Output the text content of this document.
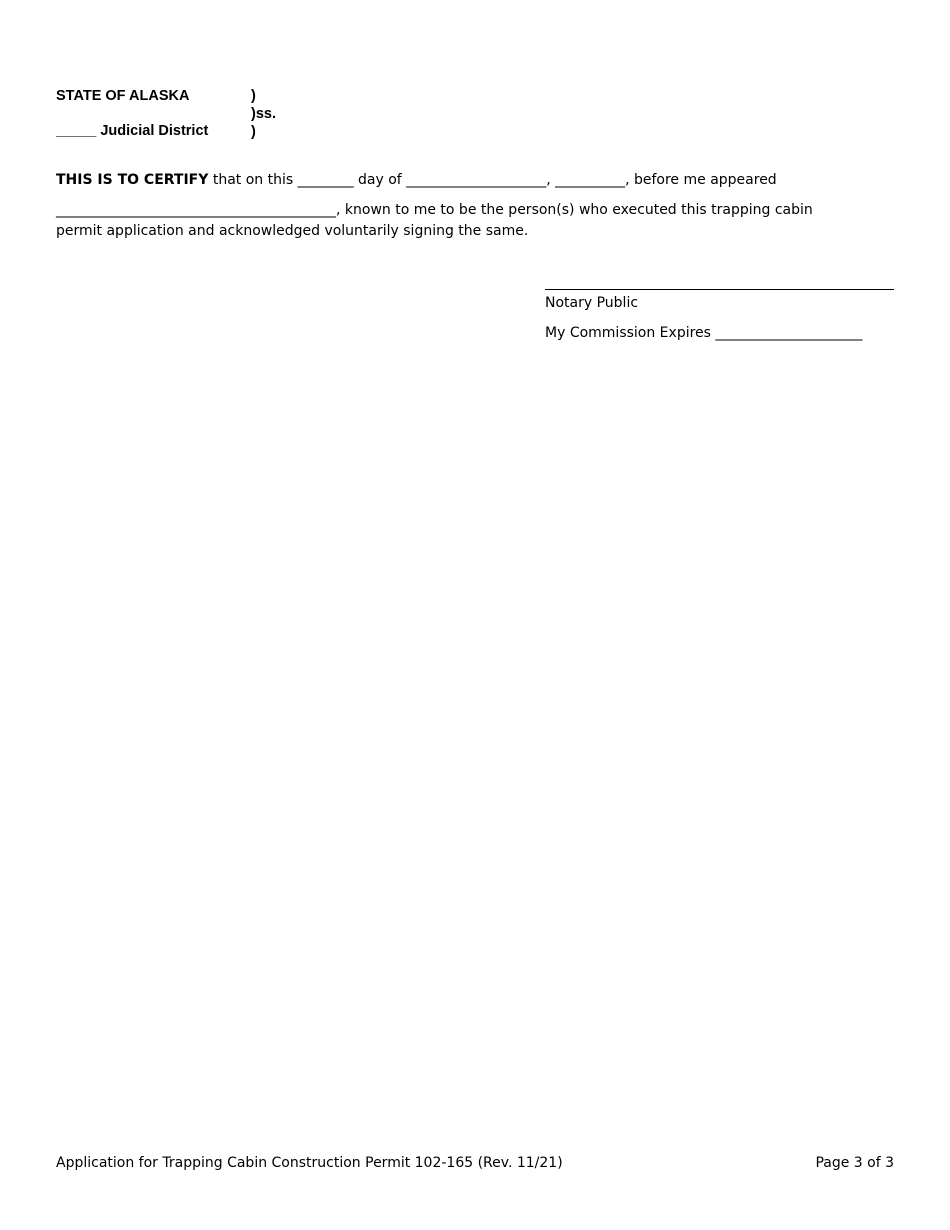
STATE OF ALASKA
_____ Judicial District
)
)ss.
)
THIS IS TO CERTIFY that on this ________ day of ____________________, __________, before me appeared
________________________________________, known to me to be the person(s) who executed this trapping cabin
permit application and acknowledged voluntarily signing the same.
Notary Public
My Commission Expires _____________________
Application for Trapping Cabin Construction Permit 102-165 (Rev. 11/21)	Page 3 of 3
